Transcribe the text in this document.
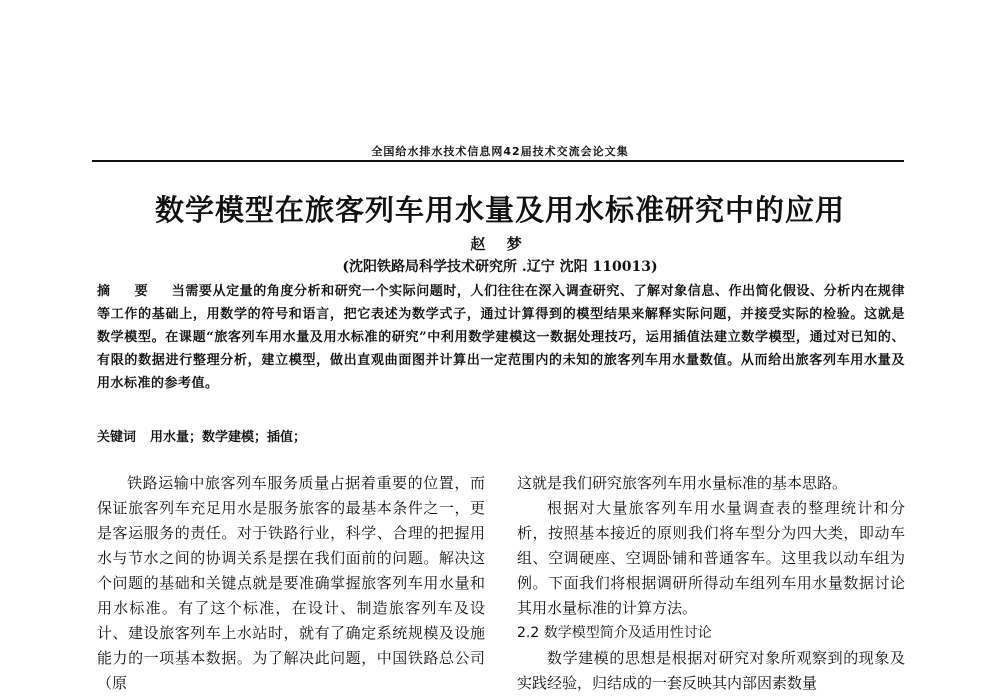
全国给水排水技术信息网42届技术交流会论文集
数学模型在旅客列车用水量及用水标准研究中的应用
赵 梦
(沈阳铁路局科学技术研究所 .辽宁 沈阳 110013)
摘 要 当需要从定量的角度分析和研究一个实际问题时，人们往往在深入调查研究、了解对象信息、作出简化假设、分析内在规律等工作的基础上，用数学的符号和语言，把它表述为数学式子，通过计算得到的模型结果来解释实际问题，并接受实际的检验。这就是数学模型。在课题“旅客列车用水量及用水标准的研究”中利用数学建模这一数据处理技巧，运用插值法建立数学模型，通过对已知的、有限的数据进行整理分析，建立模型，做出直观曲面图并计算出一定范围内的未知的旅客列车用水量数值。从而给出旅客列车用水量及用水标准的参考值。
关键词 用水量；数学建模；插值；

铁路运输中旅客列车服务质量占据着重要的位置，而保证旅客列车充足用水是服务旅客的最基本条件之一，更是客运服务的责任。对于铁路行业，科学、合理的把握用水与节水之间的协调关系是摆在我们面前的问题。解决这个问题的基础和关键点就是要准确掌握旅客列车用水量和用水标准。有了这个标准，在设计、制造旅客列车及设计、建设旅客列车上水站时，就有了确定系统规模及设施能力的一项基本数据。为了解决此问题，中国铁路总公司（原

这就是我们研究旅客列车用水量标准的基本思路。

根据对大量旅客列车用水量调查表的整理统计和分析，按照基本接近的原则我们将车型分为四大类，即动车组、空调硬座、空调卧铺和普通客车。这里我以动车组为例。下面我们将根据调研所得动车组列车用水量数据讨论其用水量标准的计算方法。

2.2 数学模型简介及适用性讨论

数学建模的思想是根据对研究对象所观察到的现象及实践经验，归结成的一套反映其内部因素数量
